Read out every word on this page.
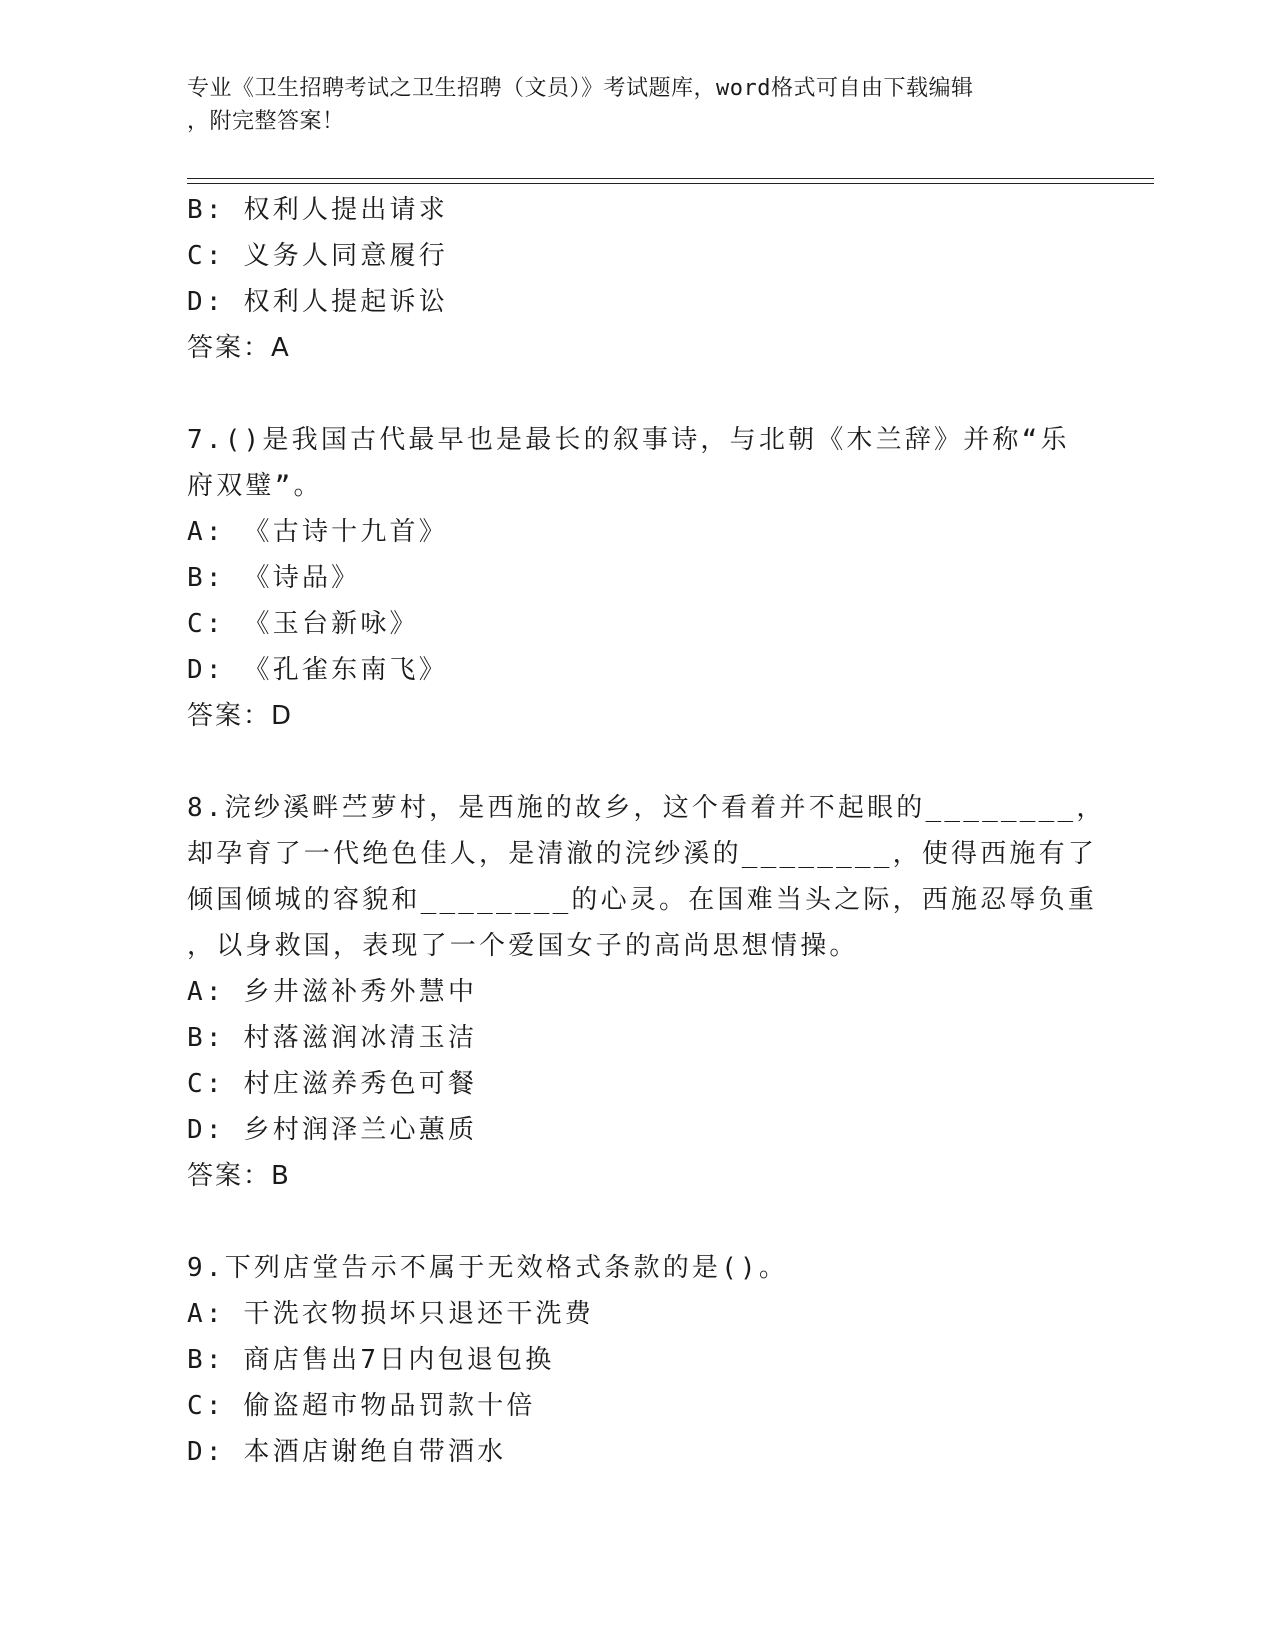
专业《卫生招聘考试之卫生招聘（文员）》考试题库，word格式可自由下载编辑
，附完整答案！
B: 权利人提出请求
C: 义务人同意履行
D: 权利人提起诉讼
答案：A
7.()是我国古代最早也是最长的叙事诗，与北朝《木兰辞》并称“乐
府双璧”。
A: 《古诗十九首》
B: 《诗品》
C: 《玉台新咏》
D: 《孔雀东南飞》
答案：D
8.浣纱溪畔苎萝村，是西施的故乡，这个看着并不起眼的________，
却孕育了一代绝色佳人，是清澈的浣纱溪的________，使得西施有了
倾国倾城的容貌和________的心灵。在国难当头之际，西施忍辱负重
，以身救国，表现了一个爱国女子的高尚思想情操。
A: 乡井滋补秀外慧中
B: 村落滋润冰清玉洁
C: 村庄滋养秀色可餐
D: 乡村润泽兰心蕙质
答案：B
9.下列店堂告示不属于无效格式条款的是()。
A: 干洗衣物损坏只退还干洗费
B: 商店售出7日内包退包换
C: 偷盗超市物品罚款十倍
D: 本酒店谢绝自带酒水
